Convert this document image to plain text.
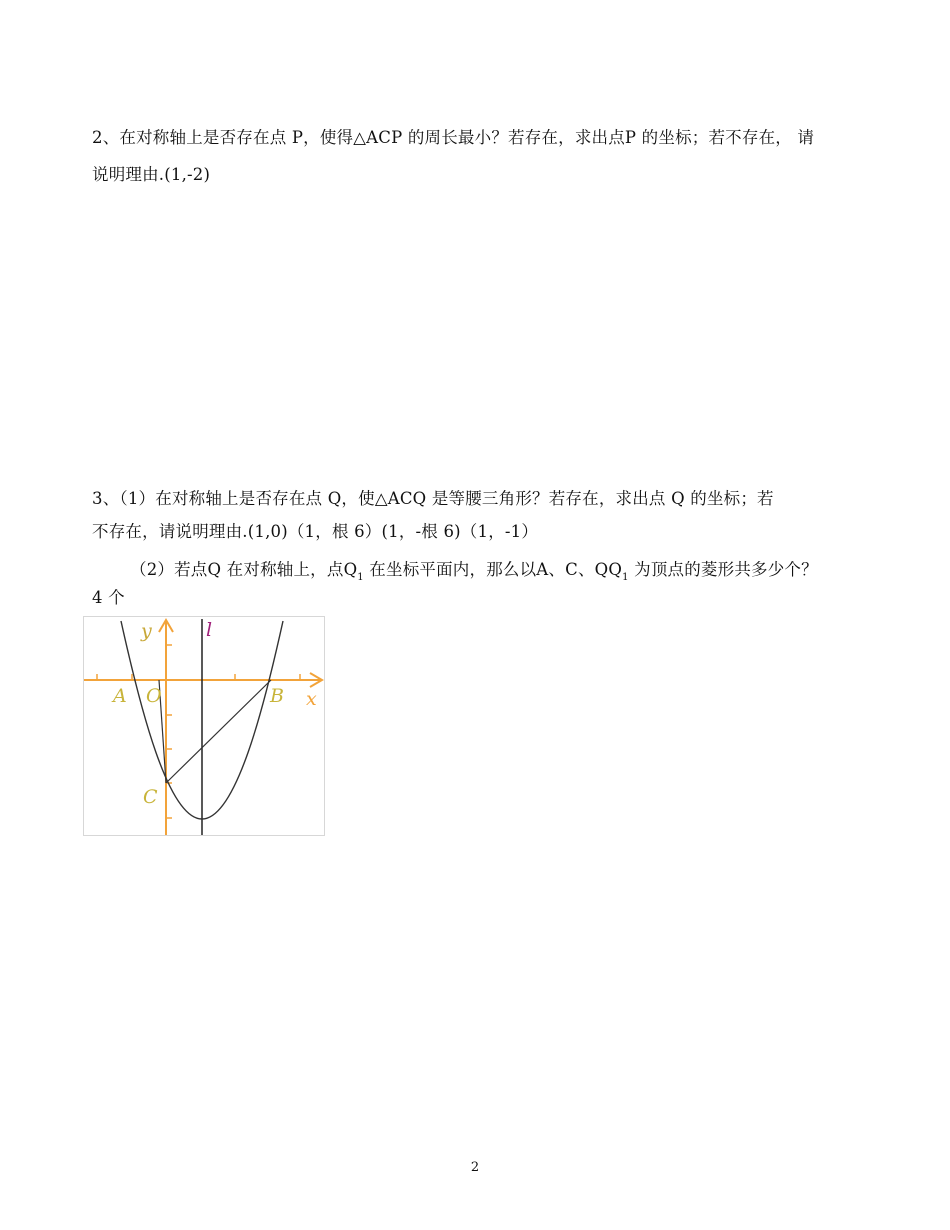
2、在对称轴上是否存在点 P，使得△ACP 的周长最小？若存在，求出点P 的坐标；若不存在， 请
说明理由.(1,-2)
3、（1）在对称轴上是否存在点 Q，使△ACQ 是等腰三角形？若存在，求出点 Q 的坐标；若
不存在，请说明理由.(1,0)（1，根 6）(1，-根 6)（1，-1）
（2）若点Q 在对称轴上，点$Q_1$ 在坐标平面内，那么以A、C、$QQ_1$ 为顶点的菱形共多少个？
4 个
y	l
x
A O	B
C
2
